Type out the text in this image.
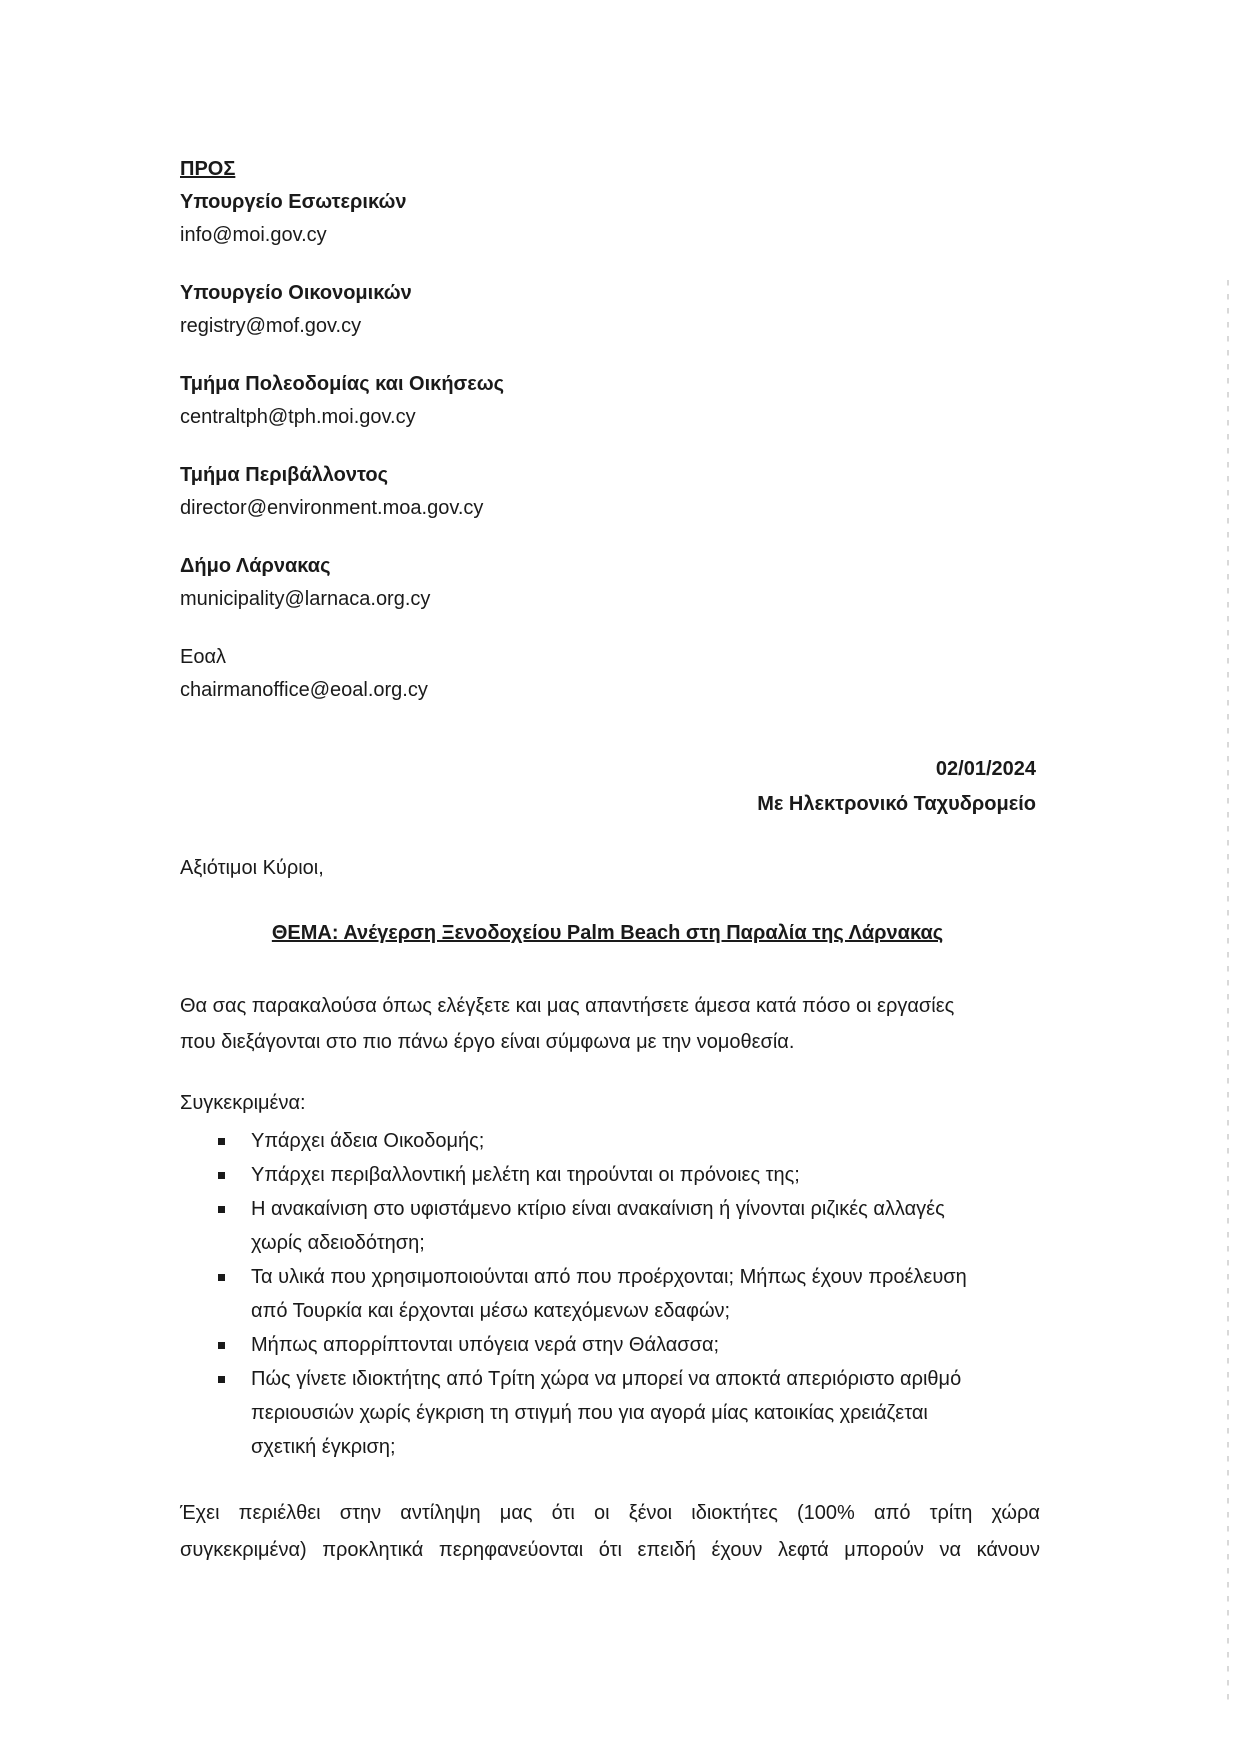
ΠΡΟΣ
Υπουργείο Εσωτερικών
info@moi.gov.cy
Υπουργείο Οικονομικών
registry@mof.gov.cy
Τμήμα Πολεοδομίας και Οικήσεως
centraltph@tph.moi.gov.cy
Τμήμα Περιβάλλοντος
director@environment.moa.gov.cy
Δήμο Λάρνακας
municipality@larnaca.org.cy
Εοαλ
chairmanoffice@eoal.org.cy
02/01/2024
Με Ηλεκτρονικό Ταχυδρομείο
Αξιότιμοι Κύριοι,
ΘΕΜΑ: Ανέγερση Ξενοδοχείου Palm Beach στη Παραλία της Λάρνακας
Θα σας παρακαλούσα όπως ελέγξετε και μας απαντήσετε άμεσα κατά πόσο οι εργασίες
που διεξάγονται στο πιο πάνω έργο είναι σύμφωνα με την νομοθεσία.
Συγκεκριμένα:
Υπάρχει άδεια Οικοδομής;
Υπάρχει περιβαλλοντική μελέτη και τηρούνται οι πρόνοιες της;
Η ανακαίνιση στο υφιστάμενο κτίριο είναι ανακαίνιση ή γίνονται ριζικές αλλαγές
χωρίς αδειοδότηση;
Τα υλικά που χρησιμοποιούνται από που προέρχονται; Μήπως έχουν προέλευση
από Τουρκία και έρχονται μέσω κατεχόμενων εδαφών;
Μήπως απορρίπτονται υπόγεια νερά στην Θάλασσα;
Πώς γίνετε ιδιοκτήτης από Τρίτη χώρα να μπορεί να αποκτά απεριόριστο αριθμό
περιουσιών χωρίς έγκριση τη στιγμή που για αγορά μίας κατοικίας χρειάζεται
σχετική έγκριση;
Έχει περιέλθει στην αντίληψη μας ότι οι ξένοι ιδιοκτήτες (100% από τρίτη χώρα
συγκεκριμένα) προκλητικά περηφανεύονται ότι επειδή έχουν λεφτά μπορούν να κάνουν
